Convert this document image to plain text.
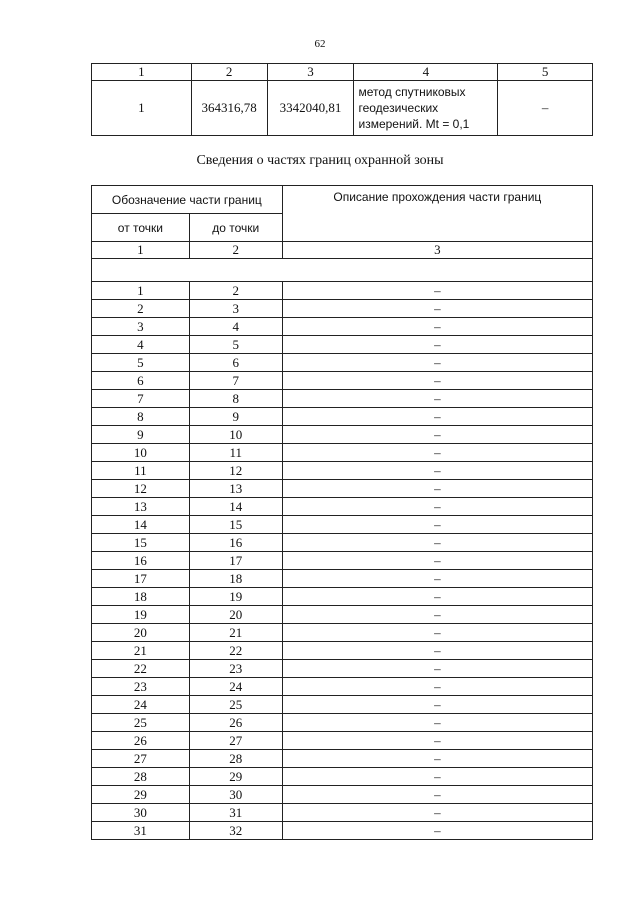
62
1	2	3	4	5
1	364316,78	3342040,81	метод спутниковых
геодезических
измерений. Mt = 0,1	–
Сведения о частях границ охранной зоны
Обозначение части границ		Описание прохождения части границ
от точки	до точки	
1	2	3

1	2	–
2	3	–
3	4	–
4	5	–
5	6	–
6	7	–
7	8	–
8	9	–
9	10	–
10	11	–
11	12	–
12	13	–
13	14	–
14	15	–
15	16	–
16	17	–
17	18	–
18	19	–
19	20	–
20	21	–
21	22	–
22	23	–
23	24	–
24	25	–
25	26	–
26	27	–
27	28	–
28	29	–
29	30	–
30	31	–
31	32	–
